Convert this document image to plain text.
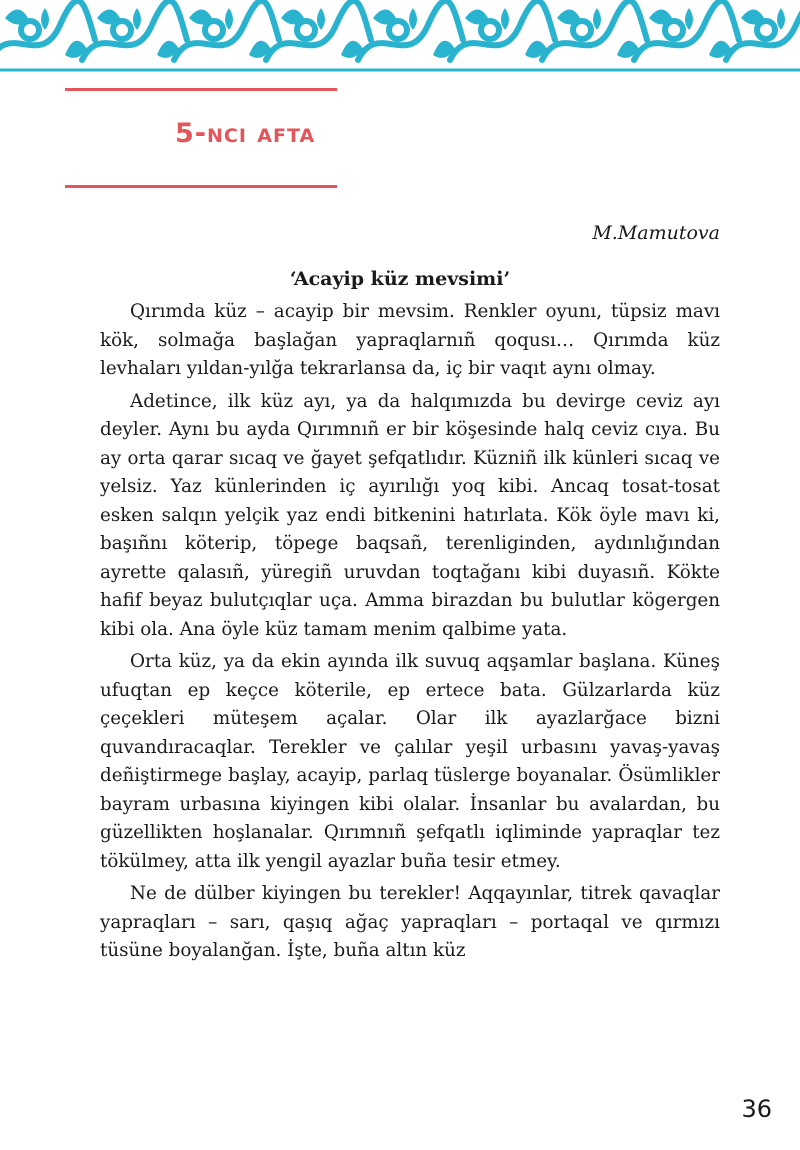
5-nci afta

M.Mamutova

‘Acayip küz mevsimi’

Qırımda küz – acayip bir mevsim. Renkler oyunı, tüpsiz mavı kök, solmağa başlağan yapraqlarnıñ qoqusı… Qırımda küz levhaları yıldan-yılğa tekrarlansa da, iç bir vaqıt aynı olmay.

Adetince, ilk küz ayı, ya da halqımızda bu devirge ceviz ayı deyler. Aynı bu ayda Qırımnıñ er bir köşesinde halq ceviz cıya. Bu ay orta qarar sıcaq ve ğayet şefqatlıdır. Küzniñ ilk künleri sıcaq ve yelsiz. Yaz künlerinden iç ayırılığı yoq kibi. Ancaq tosat-tosat esken salqın yelçik yaz endi bitkenini hatırlata. Kök öyle mavı ki, başıñnı köterip, töpege baqsañ, terenliginden, aydınlığından ayrette qalasıñ, yüregiñ uruvdan toqtağanı kibi duyasıñ. Kökte hafif beyaz bulutçıqlar uça. Amma birazdan bu bulutlar kögergen kibi ola. Ana öyle küz tamam menim qalbime yata.

Orta küz, ya da ekin ayında ilk suvuq aqşamlar başlana. Küneş ufuqtan ep keçce köterile, ep ertece bata. Gülzarlarda küz çeçekleri müteşem açalar. Olar ilk ayazlarğace bizni quvandıracaqlar. Terekler ve çalılar yeşil urbasını yavaş-yavaş deñiştirmege başlay, acayip, parlaq tüslerge boyanalar. Ösümlikler bayram urbasına kiyingen kibi olalar. İnsanlar bu avalardan, bu güzellikten hoşlanalar. Qırımnıñ şefqatlı iqliminde yapraqlar tez tökülmey, atta ilk yengil ayazlar buña tesir etmey.

Ne de dülber kiyingen bu terekler! Aqqayınlar, titrek qavaqlar yapraqları – sarı, qaşıq ağaç yapraqları – portaqal ve qırmızı tüsüne boyalanğan. İşte, buña altın küz

36
